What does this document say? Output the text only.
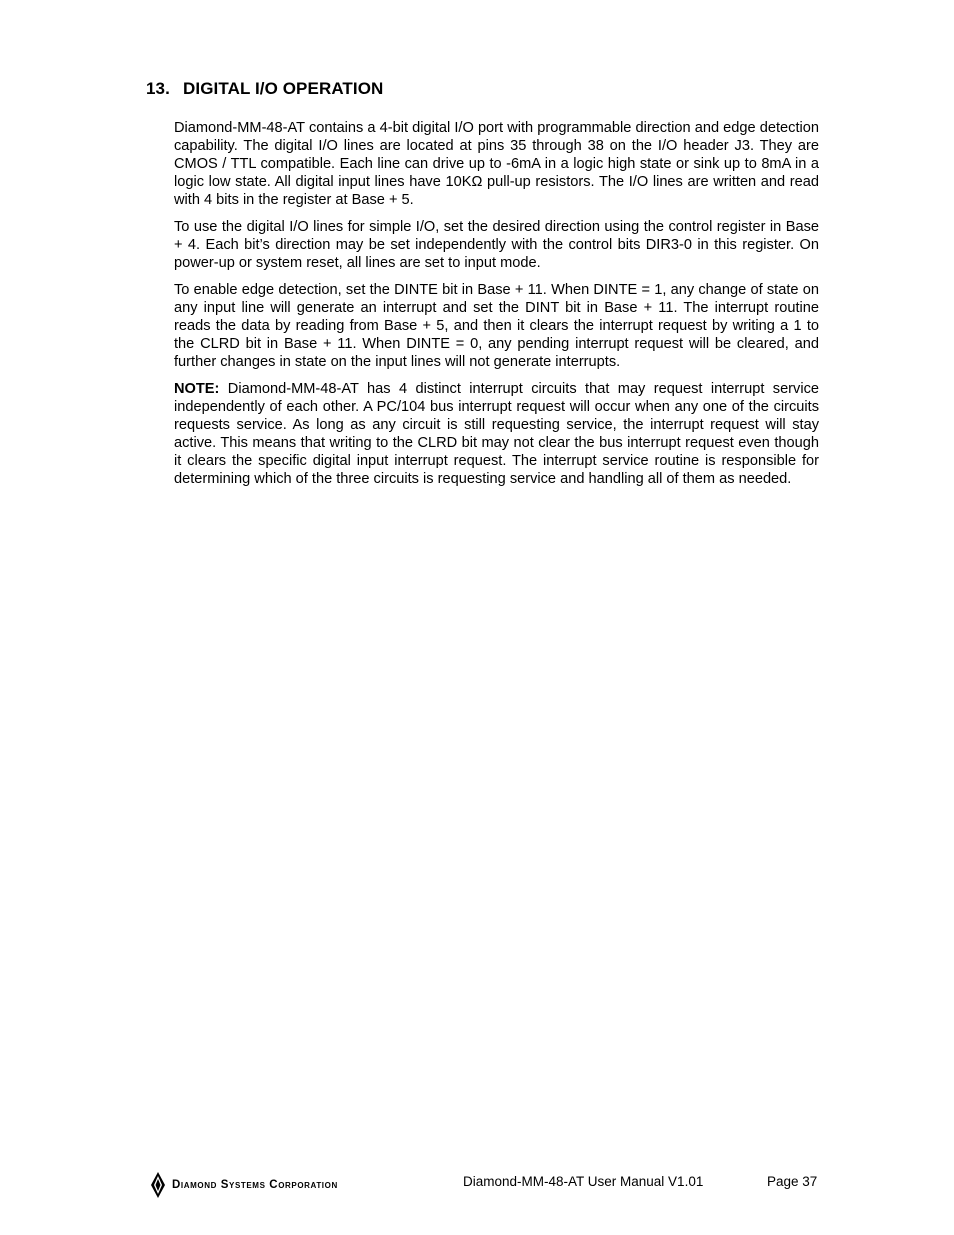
13. DIGITAL I/O OPERATION

Diamond-MM-48-AT contains a 4-bit digital I/O port with programmable direction and edge detection capability. The digital I/O lines are located at pins 35 through 38 on the I/O header J3. They are CMOS / TTL compatible. Each line can drive up to -6mA in a logic high state or sink up to 8mA in a logic low state. All digital input lines have 10KΩ pull-up resistors. The I/O lines are written and read with 4 bits in the register at Base + 5.

To use the digital I/O lines for simple I/O, set the desired direction using the control register in Base + 4. Each bit’s direction may be set independently with the control bits DIR3-0 in this register. On power-up or system reset, all lines are set to input mode.

To enable edge detection, set the DINTE bit in Base + 11. When DINTE = 1, any change of state on any input line will generate an interrupt and set the DINT bit in Base + 11. The interrupt routine reads the data by reading from Base + 5, and then it clears the interrupt request by writing a 1 to the CLRD bit in Base + 11. When DINTE = 0, any pending interrupt request will be cleared, and further changes in state on the input lines will not generate interrupts.

NOTE: Diamond-MM-48-AT has 4 distinct interrupt circuits that may request interrupt service independently of each other. A PC/104 bus interrupt request will occur when any one of the circuits requests service. As long as any circuit is still requesting service, the interrupt request will stay active. This means that writing to the CLRD bit may not clear the bus interrupt request even though it clears the specific digital input interrupt request. The interrupt service routine is responsible for determining which of the three circuits is requesting service and handling all of them as needed.

Diamond Systems Corporation	Diamond-MM-48-AT User Manual V1.01	Page 37
